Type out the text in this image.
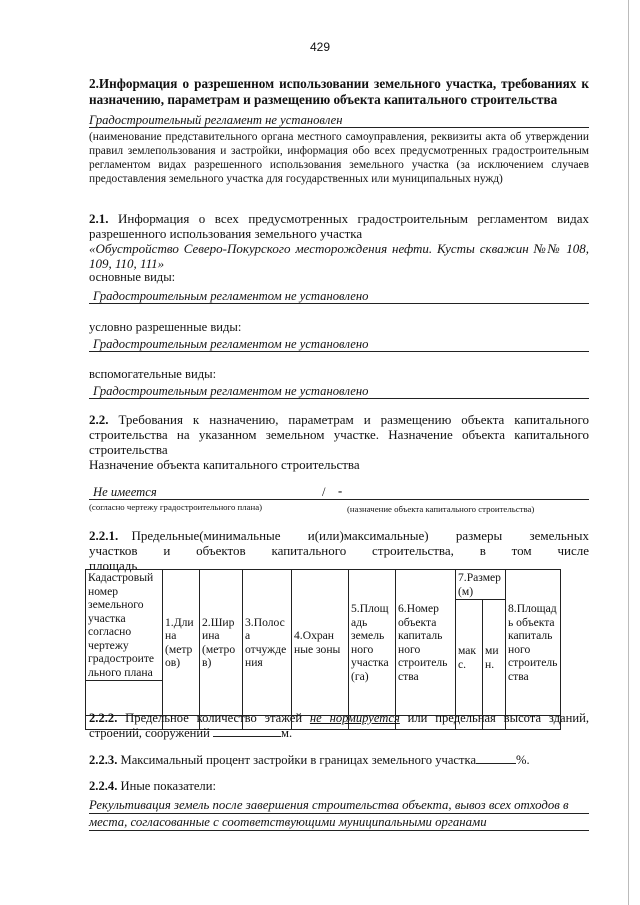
429
2.Информация о разрешенном использовании земельного участка, требованиях к назначению, параметрам и размещению объекта капитального строительства
Градостроительный регламент не установлен
(наименование представительного органа местного самоуправления, реквизиты акта об утверждении правил землепользования и застройки, информация обо всех предусмотренных градостроительным регламентом видах разрешенного использования земельного участка (за исключением случаев предоставления земельного участка для государственных или муниципальных нужд)
2.1. Информация о всех предусмотренных градостроительным регламентом видах разрешенного использования земельного участка
«Обустройство Северо-Покурского месторождения нефти. Кусты скважин №№ 108, 109, 110, 111»
основные виды:
Градостроительным регламентом не установлено
условно разрешенные виды:
Градостроительным регламентом не установлено
вспомогательные виды:
Градостроительным регламентом не установлено
2.2. Требования к назначению, параметрам и размещению объекта капитального строительства на указанном земельном участке. Назначение объекта капитального строительства
Назначение объекта капитального строительства
Не имеется	/ -
(согласно чертежу градостроительного плана)	(назначение объекта капитального строительства)
2.2.1. Предельные(минимальные и(или)максимальные) размеры земельных участков и объектов капитального строительства, в том числе площадь
Кадастровый номер земельного участка согласно чертежу градостроите льного плана	1.Дли на (метр ов)	2.Шир ина (метро в)	3.Полос а отчужде ния	4.Охран ные зоны	5.Площ адь земель ного участка (га)	6.Номер объекта капиталь ного строитель ства	7.Размер (м)		8.Площад ь объекта капиталь ного строитель ства
							мак с.	ми н.	

2.2.2. Предельное количество этажей не нормируется или предельная высота зданий, строений, сооружений	м.
2.2.3. Максимальный процент застройки в границах земельного участка	%.
2.2.4. Иные показатели:
Рекультивация земель после завершения строительства объекта, вывоз всех отходов в места, согласованные с соответствующими муниципальными органами
